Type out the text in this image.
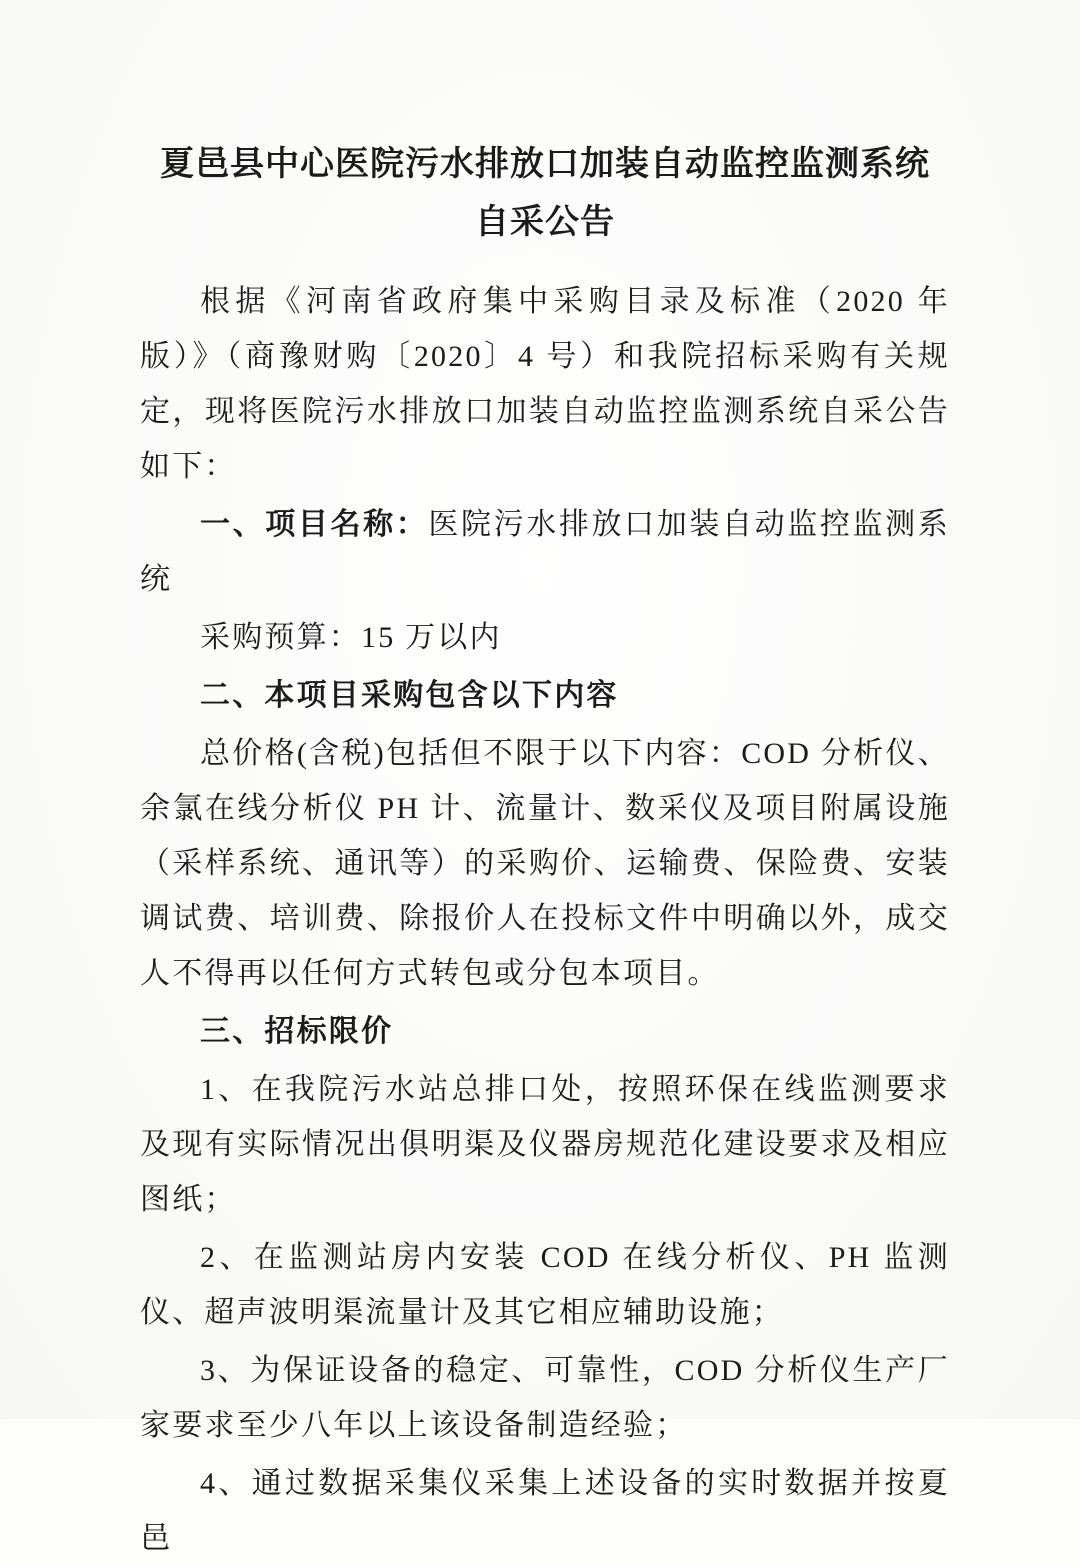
夏邑县中心医院污水排放口加装自动监控监测系统
自采公告

根据《河南省政府集中采购目录及标准（2020 年版）》（商豫财购〔2020〕4 号）和我院招标采购有关规定，现将医院污水排放口加装自动监控监测系统自采公告如下：

一、项目名称：医院污水排放口加装自动监控监测系统

采购预算：15 万以内

二、本项目采购包含以下内容

总价格(含税)包括但不限于以下内容：COD 分析仪、余氯在线分析仪 PH 计、流量计、数采仪及项目附属设施（采样系统、通讯等）的采购价、运输费、保险费、安装调试费、培训费、除报价人在投标文件中明确以外，成交人不得再以任何方式转包或分包本项目。

三、招标限价

1、在我院污水站总排口处，按照环保在线监测要求及现有实际情况出俱明渠及仪器房规范化建设要求及相应图纸；

2、在监测站房内安装 COD 在线分析仪、PH 监测仪、超声波明渠流量计及其它相应辅助设施；

3、为保证设备的稳定、可靠性，COD 分析仪生产厂家要求至少八年以上该设备制造经验；

4、通过数据采集仪采集上述设备的实时数据并按夏邑
